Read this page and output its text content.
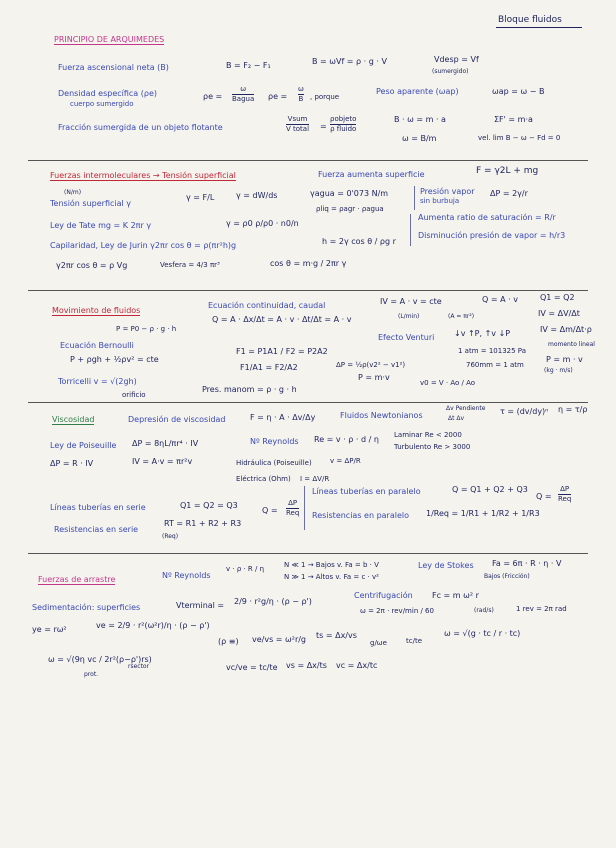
Bloque fluidos
PRINCIPIO DE ARQUIMEDES
Fuerza ascensional neta (B)	B = F₂ − F₁	B = ωVf = ρ · g · V	Vdesp = Vf
(sumergido)
Densidad específica (ρe)
cuerpo sumergido
ρe =
ω
Bagua ρe =
ω
B , porque
Peso aparente (ωap)	ωap = ω − B
Fracción sumergida de un objeto flotante
Vsum
V total =
ρobjeto
ρ fluido
B · ω = m · a	ΣF' = m·a
ω = B/m	vel. lim B − ω − Fd = 0
Fuerzas intermoleculares → Tensión superficial	Fuerza aumenta superficie	F = γ2L + mg
(N/m)
Tensión superficial γ
γ = F/L	γ = dW/ds	γagua = 0'073 N/m	Presión vapor
sin burbuja
ΔP = 2γ/r
Ley de Tate mg = K 2πr γ	γ = ρ0 ρ/ρ0 · n0/n
ρliq = ρagr · ρagua
Aumenta ratio de saturación = R/r
Capilaridad, Ley de Jurin γ2πr cos θ = ρ(πr²h)g	h = 2γ cos θ / ρg r
Disminución presión de vapor = h/r3
γ2πr cos θ = ρ Vg	Vesfera = 4/3 πr³	cos θ = m·g / 2πr γ
Movimiento de fluidos
Ecuación continuidad, caudal	IV = A · v = cte	Q = A · v	Q1 = Q2
Q = A · Δx/Δt = A · v · Δt/Δt = A · v	(L/min)	(A = πr²)	IV = ΔV/Δt
P = P0 − ρ · g · h
Efecto Venturi ↓v ↑P, ↑v ↓P	IV = Δm/Δt·ρ
Ecuación Bernoulli
P + ρgh + ½ρv² = cte
F1 = P1A1 / F2 = P2A2
F1/A1 = F2/A2	ΔP = ½ρ(v2² − v1²)
1 atm = 101325 Pa
760mm = 1 atm
momento lineal
P = m · v
(kg · m/s)
Torricelli v = √(2gh)
orificio
Pres. manom = ρ · g · h
P = m·v
v0 = V · Ao / Ao
Viscosidad	Depresión de viscosidad	F = η · A · Δv/Δy	Fluidos Newtonianos
Δv Pendiente
Δt Δv
τ = (dv/dy)ⁿ η = τ/ρ
Ley de Poiseuille ΔP = 8ηL/πr⁴ · IV	Nº Reynolds Re = v · ρ · d / η Laminar Re < 2000
Turbulento Re > 3000
ΔP = R · IV	IV = A·v = πr²v	Hidráulica (Poiseuille)	v = ΔP/R
Eléctrica (Ohm) I = ΔV/R
Líneas tuberías en serie	Q1 = Q2 = Q3
Q =
ΔP
Req
Líneas tuberías en paralelo	Q = Q1 + Q2 + Q3
Q =
ΔP
Req
Resistencias en serie
RT = R1 + R2 + R3
(Req)
Resistencias en paralelo 1/Req = 1/R1 + 1/R2 + 1/R3
Fuerzas de arrastre	Nº Reynolds
v · ρ · R / η	N ≪ 1 → Bajos v. Fa = b · V
N ≫ 1 → Altos v. Fa = c · v²
Ley de Stokes Fa = 6π · R · η · V
Bajos (Fricción)
Sedimentación: superficies	Vterminal = 2/9 · r²g/η · (ρ − ρ')
Centrifugación Fc = m ω² r
ω = 2π · rev/min / 60	(rad/s)	1 rev = 2π rad
ye = rω²	ve = 2/9 · r²(ω²r)/η · (ρ − ρ')
(ρ ≡) ve/vs = ω²r/g ts = Δx/vs
g/ωe	tc/te
ω = √(g · tc / r · tc)
ω = √(9η vc / 2r²(ρ−ρ')rs)
vc/ve = tc/te vs = Δx/ts vc = Δx/tc
prot.
rsector
